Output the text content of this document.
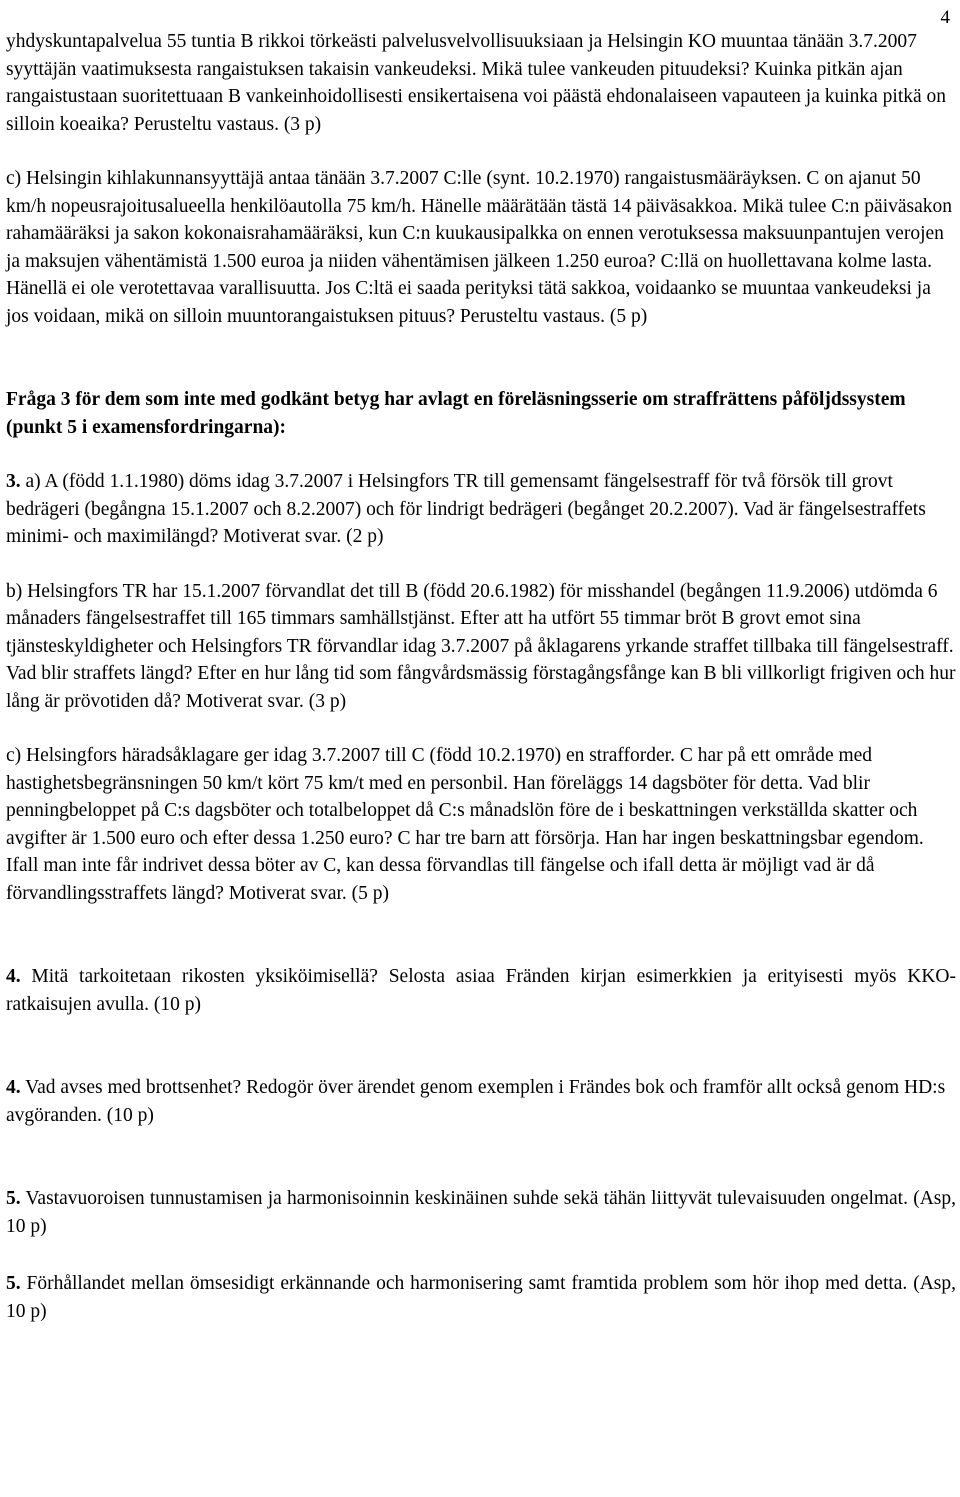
4

yhdyskuntapalvelua 55 tuntia B rikkoi törkeästi palvelusvelvollisuuksiaan ja Helsingin KO muuntaa tänään 3.7.2007 syyttäjän vaatimuksesta rangaistuksen takaisin vankeudeksi. Mikä tulee vankeuden pituudeksi? Kuinka pitkän ajan rangaistustaan suoritettuaan B vankeinhoidollisesti ensikertaisena voi päästä ehdonalaiseen vapauteen ja kuinka pitkä on silloin koeaika? Perusteltu vastaus. (3 p)

c) Helsingin kihlakunnansyyttäjä antaa tänään 3.7.2007 C:lle (synt. 10.2.1970) rangaistusmääräyksen. C on ajanut 50 km/h nopeusrajoitusalueella henkilöautolla 75 km/h. Hänelle määrätään tästä 14 päiväsakkoa. Mikä tulee C:n päiväsakon rahamääräksi ja sakon kokonaisrahamääräksi, kun C:n kuukausipalkka on ennen verotuksessa maksuunpantujen verojen ja maksujen vähentämistä 1.500 euroa ja niiden vähentämisen jälkeen 1.250 euroa? C:llä on huollettavana kolme lasta. Hänellä ei ole verotettavaa varallisuutta. Jos C:ltä ei saada perityksi tätä sakkoa, voidaanko se muuntaa vankeudeksi ja jos voidaan, mikä on silloin muuntorangaistuksen pituus? Perusteltu vastaus. (5 p)

Fråga 3 för dem som inte med godkänt betyg har avlagt en föreläsningsserie om straffrättens påföljdssystem (punkt 5 i examensfordringarna):

3. a) A (född 1.1.1980) döms idag 3.7.2007 i Helsingfors TR till gemensamt fängelsestraff för två försök till grovt bedrägeri (begångna 15.1.2007 och 8.2.2007) och för lindrigt bedrägeri (begånget 20.2.2007). Vad är fängelsestraffets minimi- och maximilängd? Motiverat svar. (2 p)

b) Helsingfors TR har 15.1.2007 förvandlat det till B (född 20.6.1982) för misshandel (begången 11.9.2006) utdömda 6 månaders fängelsestraffet till 165 timmars samhällstjänst. Efter att ha utfört 55 timmar bröt B grovt emot sina tjänsteskyldigheter och Helsingfors TR förvandlar idag 3.7.2007 på åklagarens yrkande straffet tillbaka till fängelsestraff. Vad blir straffets längd? Efter en hur lång tid som fångvårdsmässig förstagångsfånge kan B bli villkorligt frigiven och hur lång är prövotiden då? Motiverat svar. (3 p)

c) Helsingfors häradsåklagare ger idag 3.7.2007 till C (född 10.2.1970) en strafforder. C har på ett område med hastighetsbegränsningen 50 km/t kört 75 km/t med en personbil. Han föreläggs 14 dagsböter för detta. Vad blir penningbeloppet på C:s dagsböter och totalbeloppet då C:s månadslön före de i beskattningen verkställda skatter och avgifter är 1.500 euro och efter dessa 1.250 euro? C har tre barn att försörja. Han har ingen beskattningsbar egendom. Ifall man inte får indrivet dessa böter av C, kan dessa förvandlas till fängelse och ifall detta är möjligt vad är då förvandlingsstraffets längd? Motiverat svar. (5 p)

4. Mitä tarkoitetaan rikosten yksiköimisellä? Selosta asiaa Fränden kirjan esimerkkien ja erityisesti myös KKO-ratkaisujen avulla. (10 p)

4. Vad avses med brottsenhet? Redogör över ärendet genom exemplen i Frändes bok och framför allt också genom HD:s avgöranden. (10 p)

5. Vastavuoroisen tunnustamisen ja harmonisoinnin keskinäinen suhde sekä tähän liittyvät tulevaisuuden ongelmat. (Asp, 10 p)

5. Förhållandet mellan ömsesidigt erkännande och harmonisering samt framtida problem som hör ihop med detta. (Asp, 10 p)
